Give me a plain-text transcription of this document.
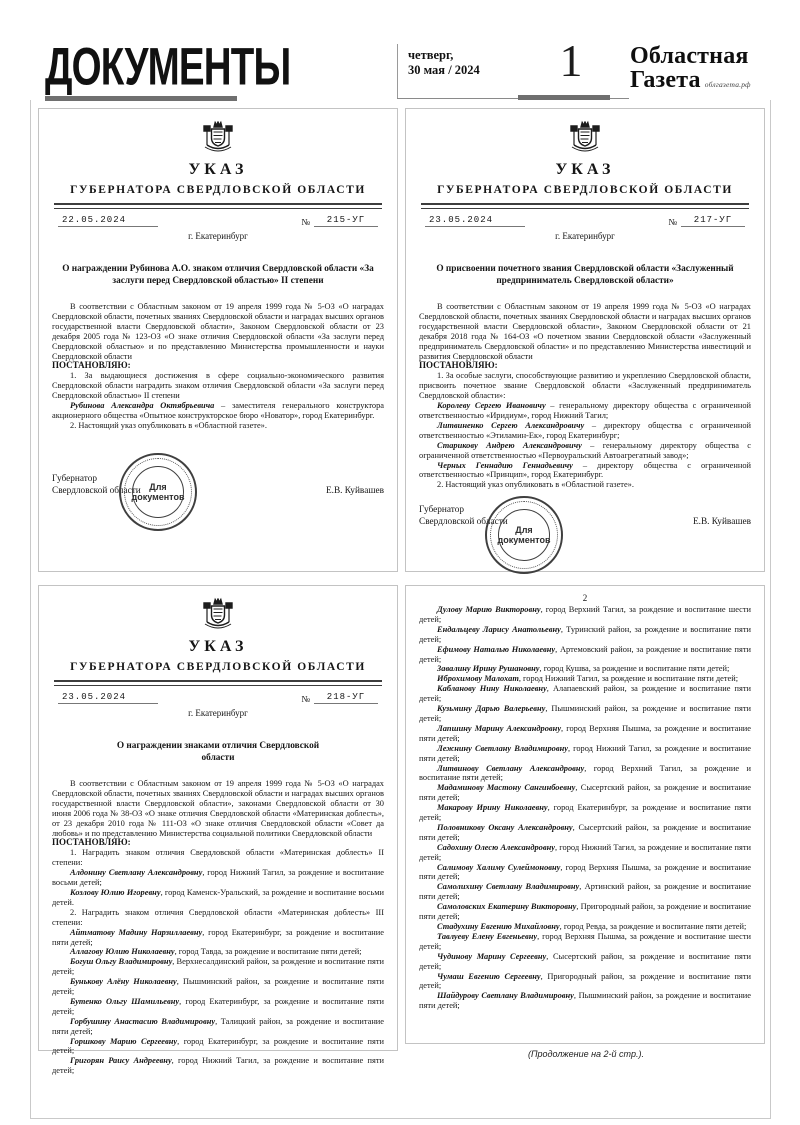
ДОКУМЕНТЫ	четверг,
30 мая / 2024	1	Областная
Газета облгазета.рф
УКАЗ
ГУБЕРНАТОРА СВЕРДЛОВСКОЙ ОБЛАСТИ
22.05.2024	№	215-УГ
г. Екатеринбург
О награждении Рубинова А.О. знаком отличия Свердловской области «За заслуги перед Свердловской областью» II степени

В соответствии с Областным законом от 19 апреля 1999 года № 5-ОЗ «О наградах Свердловской области, почетных званиях Свердловской области и наградах высших органов государственной власти Свердловской области», Законом Свердловской области от 23 декабря 2005 года № 123-ОЗ «О знаке отличия Свердловской области «За заслуги перед Свердловской областью» и по представлению Министерства промышленности и науки Свердловской области

ПОСТАНОВЛЯЮ:

1. За выдающиеся достижения в сфере социально-экономического развития Свердловской области наградить знаком отличия Свердловской области «За заслуги перед Свердловской областью» II степени

Рубинова Александра Октябрьевича – заместителя генерального конструктора акционерного общества «Опытное конструкторское бюро «Новатор», город Екатеринбург.

2. Настоящий указ опубликовать в «Областной газете».

Губернатор
Свердловской области	Е.В. Куйвашев
Для
документов
УКАЗ
ГУБЕРНАТОРА СВЕРДЛОВСКОЙ ОБЛАСТИ
23.05.2024	№	217-УГ
г. Екатеринбург
О присвоении почетного звания Свердловской области «Заслуженный предприниматель Свердловской области»

В соответствии с Областным законом от 19 апреля 1999 года № 5-ОЗ «О наградах Свердловской области, почетных званиях Свердловской области и наградах высших органов государственной власти Свердловской области», Законом Свердловской области от 21 декабря 2018 года № 164-ОЗ «О почетном звании Свердловской области «Заслуженный предприниматель Свердловской области» и по представлению Министерства инвестиций и развития Свердловской области

ПОСТАНОВЛЯЮ:

1. За особые заслуги, способствующие развитию и укреплению Свердловской области, присвоить почетное звание Свердловской области «Заслуженный предприниматель Свердловской области»:

Королеву Сергею Ивановичу – генеральному директору общества с ограниченной ответственностью «Иридиум», город Нижний Тагил;

Литвиненко Сергею Александровичу – директору общества с ограниченной ответственностью «Этиламин-Ек», город Екатеринбург;

Старикову Андрею Александровичу – генеральному директору общества с ограниченной ответственностью «Первоуральский Автоагрегатный завод»;

Черных Геннадию Геннадьевичу – директору общества с ограниченной ответственностью «Принцип», город Екатеринбург.

2. Настоящий указ опубликовать в «Областной газете».

Губернатор
Свердловской области	Е.В. Куйвашев
Для
документов
УКАЗ
ГУБЕРНАТОРА СВЕРДЛОВСКОЙ ОБЛАСТИ
23.05.2024	№	218-УГ
г. Екатеринбург
О награждении знаками отличия Свердловской области

В соответствии с Областным законом от 19 апреля 1999 года № 5-ОЗ «О наградах Свердловской области, почетных званиях Свердловской области и наградах высших органов государственной власти Свердловской области», законами Свердловской области от 30 июня 2006 года № 38-ОЗ «О знаке отличия Свердловской области «Материнская доблесть», от 23 декабря 2010 года № 111-ОЗ «О знаке отличия Свердловской области «Совет да любовь» и по представлению Министерства социальной политики Свердловской области

ПОСТАНОВЛЯЮ:

1. Наградить знаком отличия Свердловской области «Материнская доблесть» II степени:

Алдонину Светлану Александровну, город Нижний Тагил, за рождение и воспитание восьми детей;

Козлову Юлию Игоревну, город Каменск-Уральский, за рождение и воспитание восьми детей.

2. Наградить знаком отличия Свердловской области «Материнская доблесть» III степени:

Айтматову Мадину Нарзиллаевну, город Екатеринбург, за рождение и воспитание пяти детей;

Аллагову Юлию Николаевну, город Тавда, за рождение и воспитание пяти детей;

Богуш Ольгу Владимировну, Верхнесалдинский район, за рождение и воспитание пяти детей;

Бунькову Алёну Николаевну, Пышминский район, за рождение и воспитание пяти детей;

Бутенко Ольгу Шамильевну, город Екатеринбург, за рождение и воспитание пяти детей;

Горбушину Анастасию Владимировну, Талицкий район, за рождение и воспитание пяти детей;

Горшкову Марию Сергеевну, город Екатеринбург, за рождение и воспитание пяти детей;

Григорян Раису Андреевну, город Нижний Тагил, за рождение и воспитание пяти детей;

2

Дулову Марию Викторовну, город Верхний Тагил, за рождение и воспитание шести детей;

Ендальцеву Ларису Анатольевну, Туринский район, за рождение и воспитание пяти детей;

Ефимову Наталью Николаевну, Артемовский район, за рождение и воспитание пяти детей;

Завалину Ирину Рушановну, город Кушва, за рождение и воспитание пяти детей;

Иброхимову Малохат, город Нижний Тагил, за рождение и воспитание пяти детей;

Кабланову Нину Николаевну, Алапаевский район, за рождение и воспитание пяти детей;

Кузьмину Дарью Валерьевну, Пышминский район, за рождение и воспитание пяти детей;

Лапшину Марину Александровну, город Верхняя Пышма, за рождение и воспитание пяти детей;

Лежнину Светлану Владимировну, город Нижний Тагил, за рождение и воспитание пяти детей;

Литвинову Светлану Александровну, город Верхний Тагил, за рождение и воспитание пяти детей;

Мадаминову Мастону Сангинбоевну, Сысертский район, за рождение и воспитание пяти детей;

Макарову Ирину Николаевну, город Екатеринбург, за рождение и воспитание пяти детей;

Половникову Оксану Александровну, Сысертский район, за рождение и воспитание пяти детей;

Садохину Олесю Александровну, город Нижний Тагил, за рождение и воспитание пяти детей;

Салимову Халиму Сулеймоновну, город Верхняя Пышма, за рождение и воспитание пяти детей;

Самолихину Светлану Владимировну, Артинский район, за рождение и воспитание пяти детей;

Самоловских Екатерину Викторовну, Пригородный район, за рождение и воспитание пяти детей;

Стадухину Евгению Михайловну, город Ревда, за рождение и воспитание пяти детей;

Тавлуеву Елену Евгеньевну, город Верхняя Пышма, за рождение и воспитание шести детей;

Чудинову Марину Сергеевну, Сысертский район, за рождение и воспитание пяти детей;

Чумаш Евгению Сергеевну, Пригородный район, за рождение и воспитание пяти детей;

Шайдурову Светлану Владимировну, Пышминский район, за рождение и воспитание пяти детей;

(Продолжение на 2-й стр.).
